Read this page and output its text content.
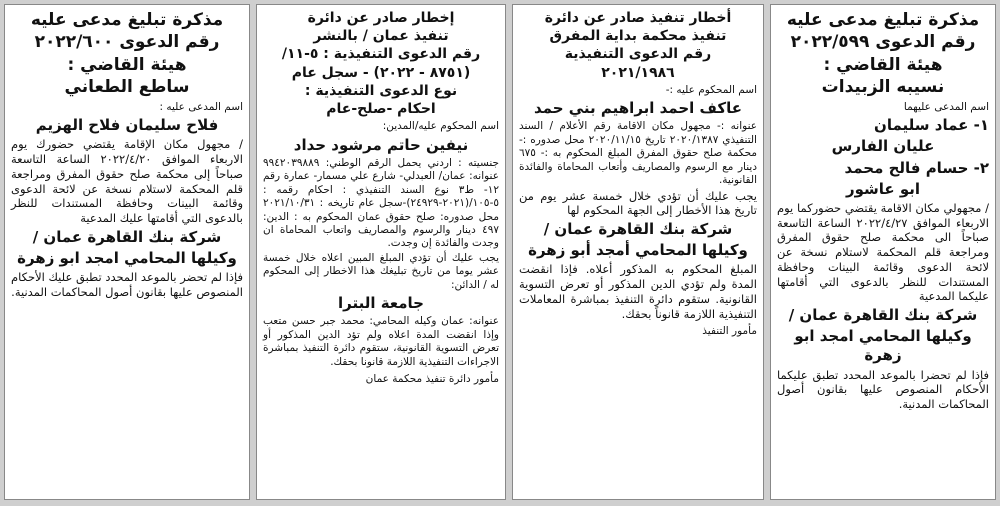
مذكرة تبليغ مدعى عليه

رقم الدعوى ٢٠٢٢/٥٩٩

هيئة القاضي :

نسيبه الزبيدات

اسم المدعى عليهما

١- عماد سليمان

عليان الفارس

٢- حسام فالح محمد

ابو عاشور

/ مجهولي مكان الاقامة يقتضي حضوركما يوم الاربعاء الموافق ٢٠٢٢/٤/٢٧ الساعة التاسعة صباحاً الى محكمة صلح حقوق المفرق ومراجعة قلم المحكمة لاستلام نسخة عن لائحة الدعوى وقائمة البينات وحافظة المستندات للنظر بالدعوى التي أقامتها عليكما المدعية

شركة بنك القاهرة عمان /

وكيلها المحامي امجد ابو زهرة

فإذا لم تحضرا بالموعد المحدد تطبق عليكما الأحكام المنصوص عليها بقانون أصول المحاكمات المدنية.

أخطار تنفيذ صادر عن دائرة

تنفيذ محكمة بداية المفرق

رقم الدعوى التنفيذية

٢٠٢١/١٩٨٦

اسم المحكوم عليه :-

عاكف احمد ابراهيم بني حمد

عنوانه :- مجهول مكان الاقامة رقم الأعلام / السند التنفيذي ٢٠٢٠/١٣٨٧ تاريخ ٢٠٢٠/١١/١٥ محل صدوره :- محكمة صلح حقوق المفرق المبلغ المحكوم به :- ٦٧٥ دينار مع الرسوم والمصاريف وأتعاب المحاماة والفائدة القانونية.

يجب عليك أن تؤدي خلال خمسة عشر يوم من تاريخ هذا الأخطار إلى الجهة المحكوم لها

شركة بنك القاهرة عمان /

وكيلها المحامي أمجد أبو زهرة

المبلغ المحكوم به المذكور أعلاه. فإذا انقضت المدة ولم تؤدي الدين المذكور أو تعرض التسوية القانونية. ستقوم دائرة التنفيذ بمباشرة المعاملات التنفيذية اللازمة قانوناً بحقك.

مأمور التنفيذ

إخطار صادر عن دائرة

تنفيذ عمان / بالنشر

رقم الدعوى التنفيذية : ٥-١١/

(٨٧٥١ - ٢٠٢٢) - سجل عام

نوع الدعوى التنفيذية :

احكام -صلح-عام

اسم المحكوم عليه/المدين:

نيفين حاتم مرشود حداد

جنسيته : اردني يحمل الرقم الوطني: ٩٩٤٢٠٣٩٨٨٩ عنوانه: عمان/ العبدلي- شارع علي مسمار- عمارة رقم ١٢- ط٣ نوع السند التنفيذي : احكام رقمه : ٥-١٠٥/(٢٠٢١-٢٤٩٢٩)-سجل عام تاريخه : ٢٠٢١/١٠/٣١ محل صدوره: صلح حقوق عمان المحكوم به : الدين: ٤٩٧ دينار والرسوم والمصاريف واتعاب المحاماة ان وجدت والفائدة إن وجدت.

يجب عليك أن تؤدي المبلغ المبين اعلاه خلال خمسة عشر يوما من تاريخ تبليغك هذا الاخطار إلى المحكوم له / الدائن:

جامعة البترا

عنوانه: عمان وكيله المحامي: محمد جبر حسن متعب وإذا انقضت المدة اعلاه ولم تؤد الدين المذكور أو تعرض التسوية القانونية، ستقوم دائرة التنفيذ بمباشرة الاجراءات التنفيذية اللازمة قانونا بحقك.

مأمور دائرة تنفيذ محكمة عمان

مذكرة تبليغ مدعى عليه

رقم الدعوى ٢٠٢٢/٦٠٠

هيئة القاضي :

ساطع الطعاني

اسم المدعى عليه :

فلاح سليمان فلاح الهزيم

/ مجهول مكان الإقامة يقتضي حضورك يوم الاربعاء الموافق ٢٠٢٢/٤/٢٠ الساعة التاسعة صباحاً إلى محكمة صلح حقوق المفرق ومراجعة قلم المحكمة لاستلام نسخة عن لائحة الدعوى وقائمة البينات وحافظة المستندات للنظر بالدعوى التي أقامتها عليك المدعية

شركة بنك القاهرة عمان /

وكيلها المحامي امجد ابو زهرة

فإذا لم تحضر بالموعد المحدد تطبق عليك الأحكام المنصوص عليها بقانون أصول المحاكمات المدنية.
